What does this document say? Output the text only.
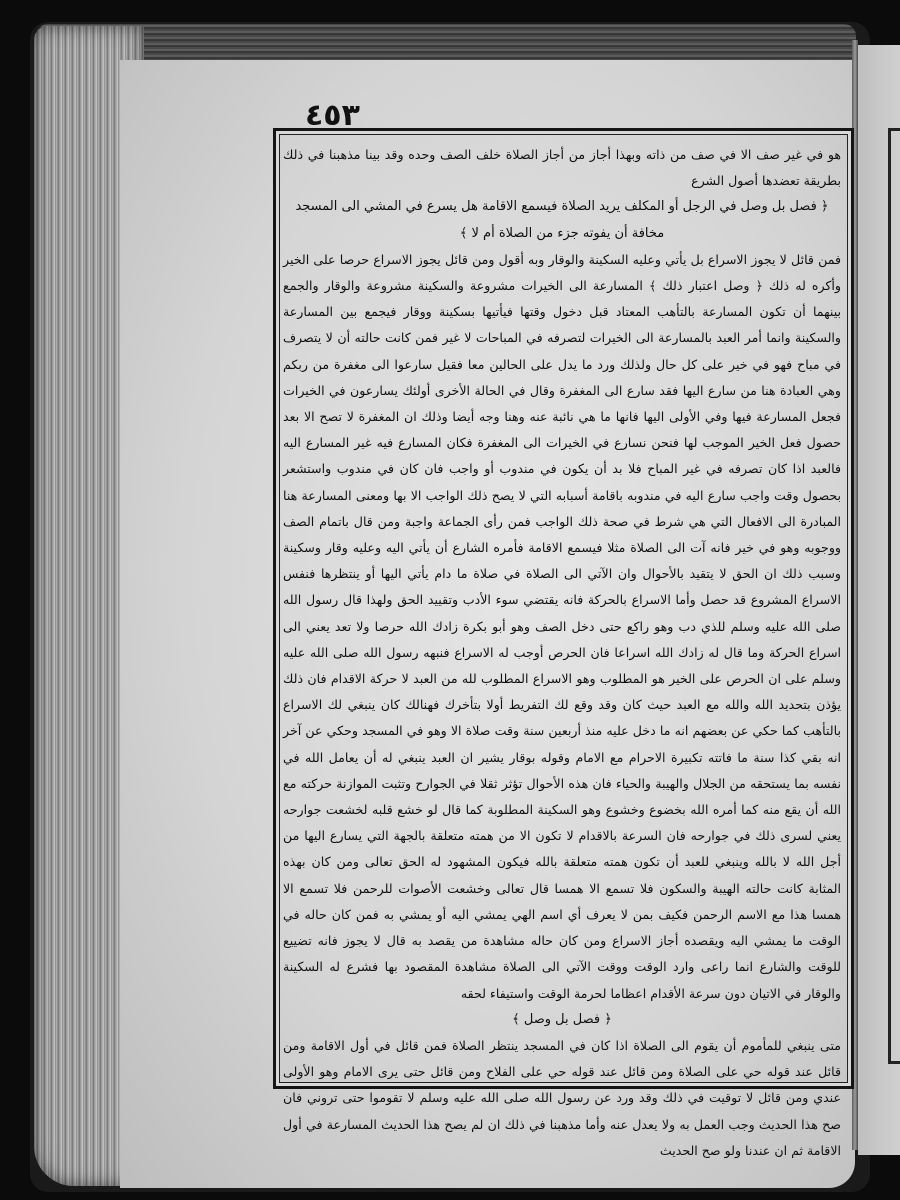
٤٥٣

هو في غير صف الا في صف من ذاته وبهذا أجاز من أجاز الصلاة خلف الصف وحده وقد بينا مذهبنا في ذلك بطريقة تعضدها أصول الشرع

﴿ فصل بل وصل في الرجل أو المكلف يريد الصلاة فيسمع الاقامة هل يسرع في المشي الى المسجد مخافة أن يفوته جزء من الصلاة أم لا ﴾

فمن قائل لا يجوز الاسراع بل يأتي وعليه السكينة والوقار وبه أقول ومن قائل يجوز الاسراع حرصا على الخير وأكره له ذلك ﴿ وصل اعتبار ذلك ﴾ المسارعة الى الخيرات مشروعة والسكينة مشروعة والوقار والجمع بينهما أن تكون المسارعة بالتأهب المعتاد قبل دخول وقتها فيأتيها بسكينة ووقار فيجمع بين المسارعة والسكينة وانما أمر العبد بالمسارعة الى الخيرات لتصرفه في المباحات لا غير فمن كانت حالته أن لا يتصرف في مباح فهو في خير على كل حال ولذلك ورد ما يدل على الحالين معا فقيل سارعوا الى مغفرة من ربكم وهي العبادة هنا من سارع اليها فقد سارع الى المغفرة وقال في الحالة الأخرى أولئك يسارعون في الخيرات فجعل المسارعة فيها وفي الأولى اليها فانها ما هي نائبة عنه وهنا وجه أيضا وذلك ان المغفرة لا تصح الا بعد حصول فعل الخير الموجب لها فنحن نسارع في الخيرات الى المغفرة فكان المسارع فيه غير المسارع اليه فالعبد اذا كان تصرفه في غير المباح فلا بد أن يكون في مندوب أو واجب فان كان في مندوب واستشعر بحصول وقت واجب سارع اليه في مندوبه باقامة أسبابه التي لا يصح ذلك الواجب الا بها ومعنى المسارعة هنا المبادرة الى الافعال التي هي شرط في صحة ذلك الواجب فمن رأى الجماعة واجبة ومن قال باتمام الصف ووجوبه وهو في خير فانه آت الى الصلاة مثلا فيسمع الاقامة فأمره الشارع أن يأتي اليه وعليه وقار وسكينة وسبب ذلك ان الحق لا يتقيد بالأحوال وان الآتي الى الصلاة في صلاة ما دام يأتي اليها أو ينتظرها فنفس الاسراع المشروع قد حصل وأما الاسراع بالحركة فانه يقتضي سوء الأدب وتقييد الحق ولهذا قال رسول الله صلى الله عليه وسلم للذي دب وهو راكع حتى دخل الصف وهو أبو بكرة زادك الله حرصا ولا تعد يعني الى اسراع الحركة وما قال له زادك الله اسراعا فان الحرص أوجب له الاسراع فنبهه رسول الله صلى الله عليه وسلم على ان الحرص على الخير هو المطلوب وهو الاسراع المطلوب لله من العبد لا حركة الاقدام فان ذلك يؤذن بتحديد الله والله مع العبد حيث كان وقد وقع لك التفريط أولا بتأخرك فهنالك كان ينبغي لك الاسراع بالتأهب كما حكي عن بعضهم انه ما دخل عليه منذ أربعين سنة وقت صلاة الا وهو في المسجد وحكي عن آخر انه بقي كذا سنة ما فاتته تكبيرة الاحرام مع الامام وقوله بوقار يشير ان العبد ينبغي له أن يعامل الله في نفسه بما يستحقه من الجلال والهيبة والحياء فان هذه الأحوال تؤثر ثقلا في الجوارح وتثبت الموازنة حركته مع الله أن يقع منه كما أمره الله بخضوع وخشوع وهو السكينة المطلوبة كما قال لو خشع قلبه لخشعت جوارحه يعني لسرى ذلك في جوارحه فان السرعة بالاقدام لا تكون الا من همته متعلقة بالجهة التي يسارع اليها من أجل الله لا بالله وينبغي للعبد أن تكون همته متعلقة بالله فيكون المشهود له الحق تعالى ومن كان بهذه المثابة كانت حالته الهيبة والسكون فلا تسمع الا همسا قال تعالى وخشعت الأصوات للرحمن فلا تسمع الا همسا هذا مع الاسم الرحمن فكيف بمن لا يعرف أي اسم الهي يمشي اليه أو يمشي به فمن كان حاله في الوقت ما يمشي اليه ويقصده أجاز الاسراع ومن كان حاله مشاهدة من يقصد به قال لا يجوز فانه تضييع للوقت والشارع انما راعى وارد الوقت ووقت الآتي الى الصلاة مشاهدة المقصود بها فشرع له السكينة والوقار في الاتيان دون سرعة الأقدام اعظاما لحرمة الوقت واستيفاء لحقه

﴿ فصل بل وصل ﴾

متى ينبغي للمأموم أن يقوم الى الصلاة اذا كان في المسجد ينتظر الصلاة فمن قائل في أول الاقامة ومن قائل عند قوله حي على الصلاة ومن قائل عند قوله حي على الفلاح ومن قائل حتى يرى الامام وهو الأولى عندي ومن قائل لا توقيت في ذلك وقد ورد عن رسول الله صلى الله عليه وسلم لا تقوموا حتى تروني فان صح هذا الحديث وجب العمل به ولا يعدل عنه وأما مذهبنا في ذلك ان لم يصح هذا الحديث المسارعة في أول الاقامة ثم ان عندنا ولو صح الحديث
